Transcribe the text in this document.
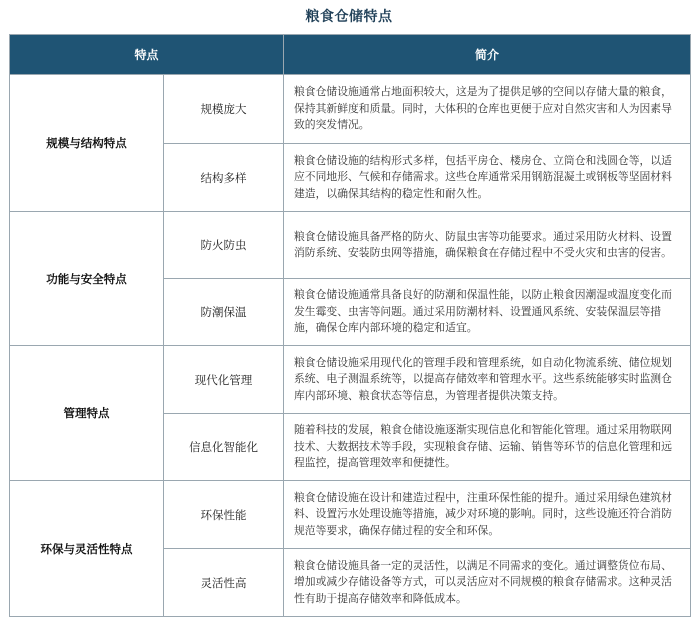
粮食仓储特点
特点		简介
规模与结构特点	规模庞大	粮食仓储设施通常占地面积较大，这是为了提供足够的空间以存储大量的粮食，保持其新鲜度和质量。同时，大体积的仓库也更便于应对自然灾害和人为因素导致的突发情况。
	结构多样	粮食仓储设施的结构形式多样，包括平房仓、楼房仓、立筒仓和浅圆仓等，以适应不同地形、气候和存储需求。这些仓库通常采用钢筋混凝土或钢板等坚固材料建造，以确保其结构的稳定性和耐久性。
功能与安全特点	防火防虫	粮食仓储设施具备严格的防火、防鼠虫害等功能要求。通过采用防火材料、设置消防系统、安装防虫网等措施，确保粮食在存储过程中不受火灾和虫害的侵害。
	防潮保温	粮食仓储设施通常具备良好的防潮和保温性能，以防止粮食因潮湿或温度变化而发生霉变、虫害等问题。通过采用防潮材料、设置通风系统、安装保温层等措施，确保仓库内部环境的稳定和适宜。
管理特点	现代化管理	粮食仓储设施采用现代化的管理手段和管理系统，如自动化物流系统、储位规划系统、电子测温系统等，以提高存储效率和管理水平。这些系统能够实时监测仓库内部环境、粮食状态等信息，为管理者提供决策支持。
	信息化智能化	随着科技的发展，粮食仓储设施逐渐实现信息化和智能化管理。通过采用物联网技术、大数据技术等手段，实现粮食存储、运输、销售等环节的信息化管理和远程监控，提高管理效率和便捷性。
环保与灵活性特点	环保性能	粮食仓储设施在设计和建造过程中，注重环保性能的提升。通过采用绿色建筑材料、设置污水处理设施等措施，减少对环境的影响。同时，这些设施还符合消防规范等要求，确保存储过程的安全和环保。
	灵活性高	粮食仓储设施具备一定的灵活性，以满足不同需求的变化。通过调整货位布局、增加或减少存储设备等方式，可以灵活应对不同规模的粮食存储需求。这种灵活性有助于提高存储效率和降低成本。
